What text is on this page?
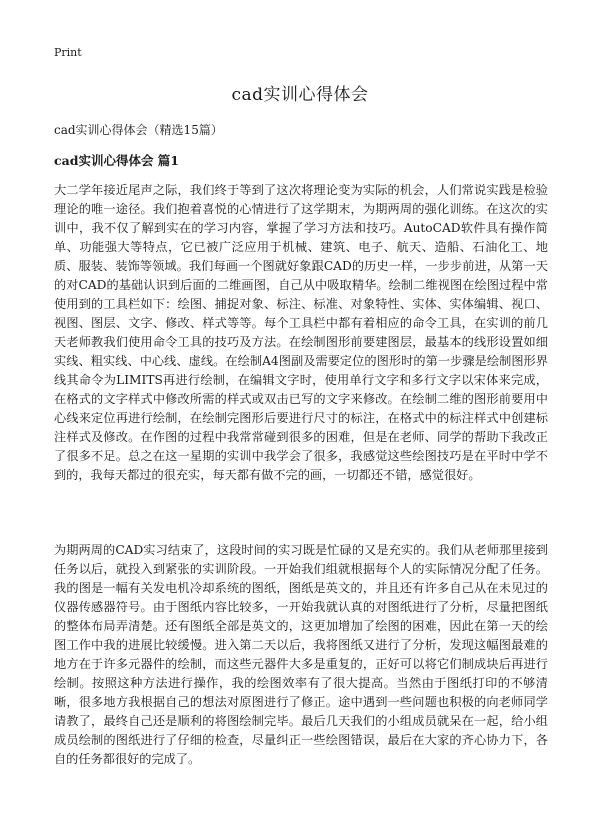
Print
cad实训心得体会
cad实训心得体会（精选15篇）
cad实训心得体会 篇1

大二学年接近尾声之际，我们终于等到了这次将理论变为实际的机会，人们常说实践是检验理论的唯一途径。我们抱着喜悦的心情进行了这学期末，为期两周的强化训练。在这次的实训中，我不仅了解到实在的学习内容，掌握了学习方法和技巧。AutoCAD软件具有操作简单、功能强大等特点，它已被广泛应用于机械、建筑、电子、航天、造船、石油化工、地质、服装、装饰等领域。我们每画一个图就好象跟CAD的历史一样，一步步前进，从第一天的对CAD的基础认识到后面的二维画图，自己从中吸取精华。绘制二维视图在绘图过程中常使用到的工具栏如下：绘图、捕捉对象、标注、标准、对象特性、实体、实体编辑、视口、视图、图层、文字、修改、样式等等。每个工具栏中都有着相应的命令工具，在实训的前几天老师教我们使用命令工具的技巧及方法。在绘制图形前要建图层，最基本的线形设置如细实线、粗实线、中心线、虚线。在绘制A4图副及需要定位的图形时的第一步骤是绘制图形界线其命令为LIMITS再进行绘制，在编辑文字时，使用单行文字和多行文字以宋体来完成，在格式的文字样式中修改所需的样式或双击已写的文字来修改。在绘制二维的图形前要用中心线来定位再进行绘制，在绘制完图形后要进行尺寸的标注，在格式中的标注样式中创建标注样式及修改。在作图的过程中我常常碰到很多的困难，但是在老师、同学的帮助下我改正了很多不足。总之在这一星期的实训中我学会了很多，我感觉这些绘图技巧是在平时中学不到的，我每天都过的很充实，每天都有做不完的画，一切都还不错，感觉很好。

为期两周的CAD实习结束了，这段时间的实习既是忙碌的又是充实的。我们从老师那里接到任务以后，就投入到紧张的实训阶段。一开始我们组就根据每个人的实际情况分配了任务。我的图是一幅有关发电机冷却系统的图纸，图纸是英文的，并且还有许多自己从在未见过的仪器传感器符号。由于图纸内容比较多，一开始我就认真的对图纸进行了分析，尽量把图纸的整体布局弄清楚。还有图纸全部是英文的，这更加增加了绘图的困难，因此在第一天的绘图工作中我的进展比较缓慢。进入第二天以后，我将图纸又进行了分析，发现这幅图最难的地方在于许多元器件的绘制，而这些元器件大多是重复的，正好可以将它们制成块后再进行绘制。按照这种方法进行操作，我的绘图效率有了很大提高。当然由于图纸打印的不够清晰，很多地方我根据自己的想法对原图进行了修正。途中遇到一些问题也积极的向老师同学请教了，最终自己还是顺利的将图绘制完毕。最后几天我们的小组成员就呆在一起，给小组成员绘制的图纸进行了仔细的检查，尽量纠正一些绘图错误，最后在大家的齐心协力下，各自的任务都很好的完成了。
